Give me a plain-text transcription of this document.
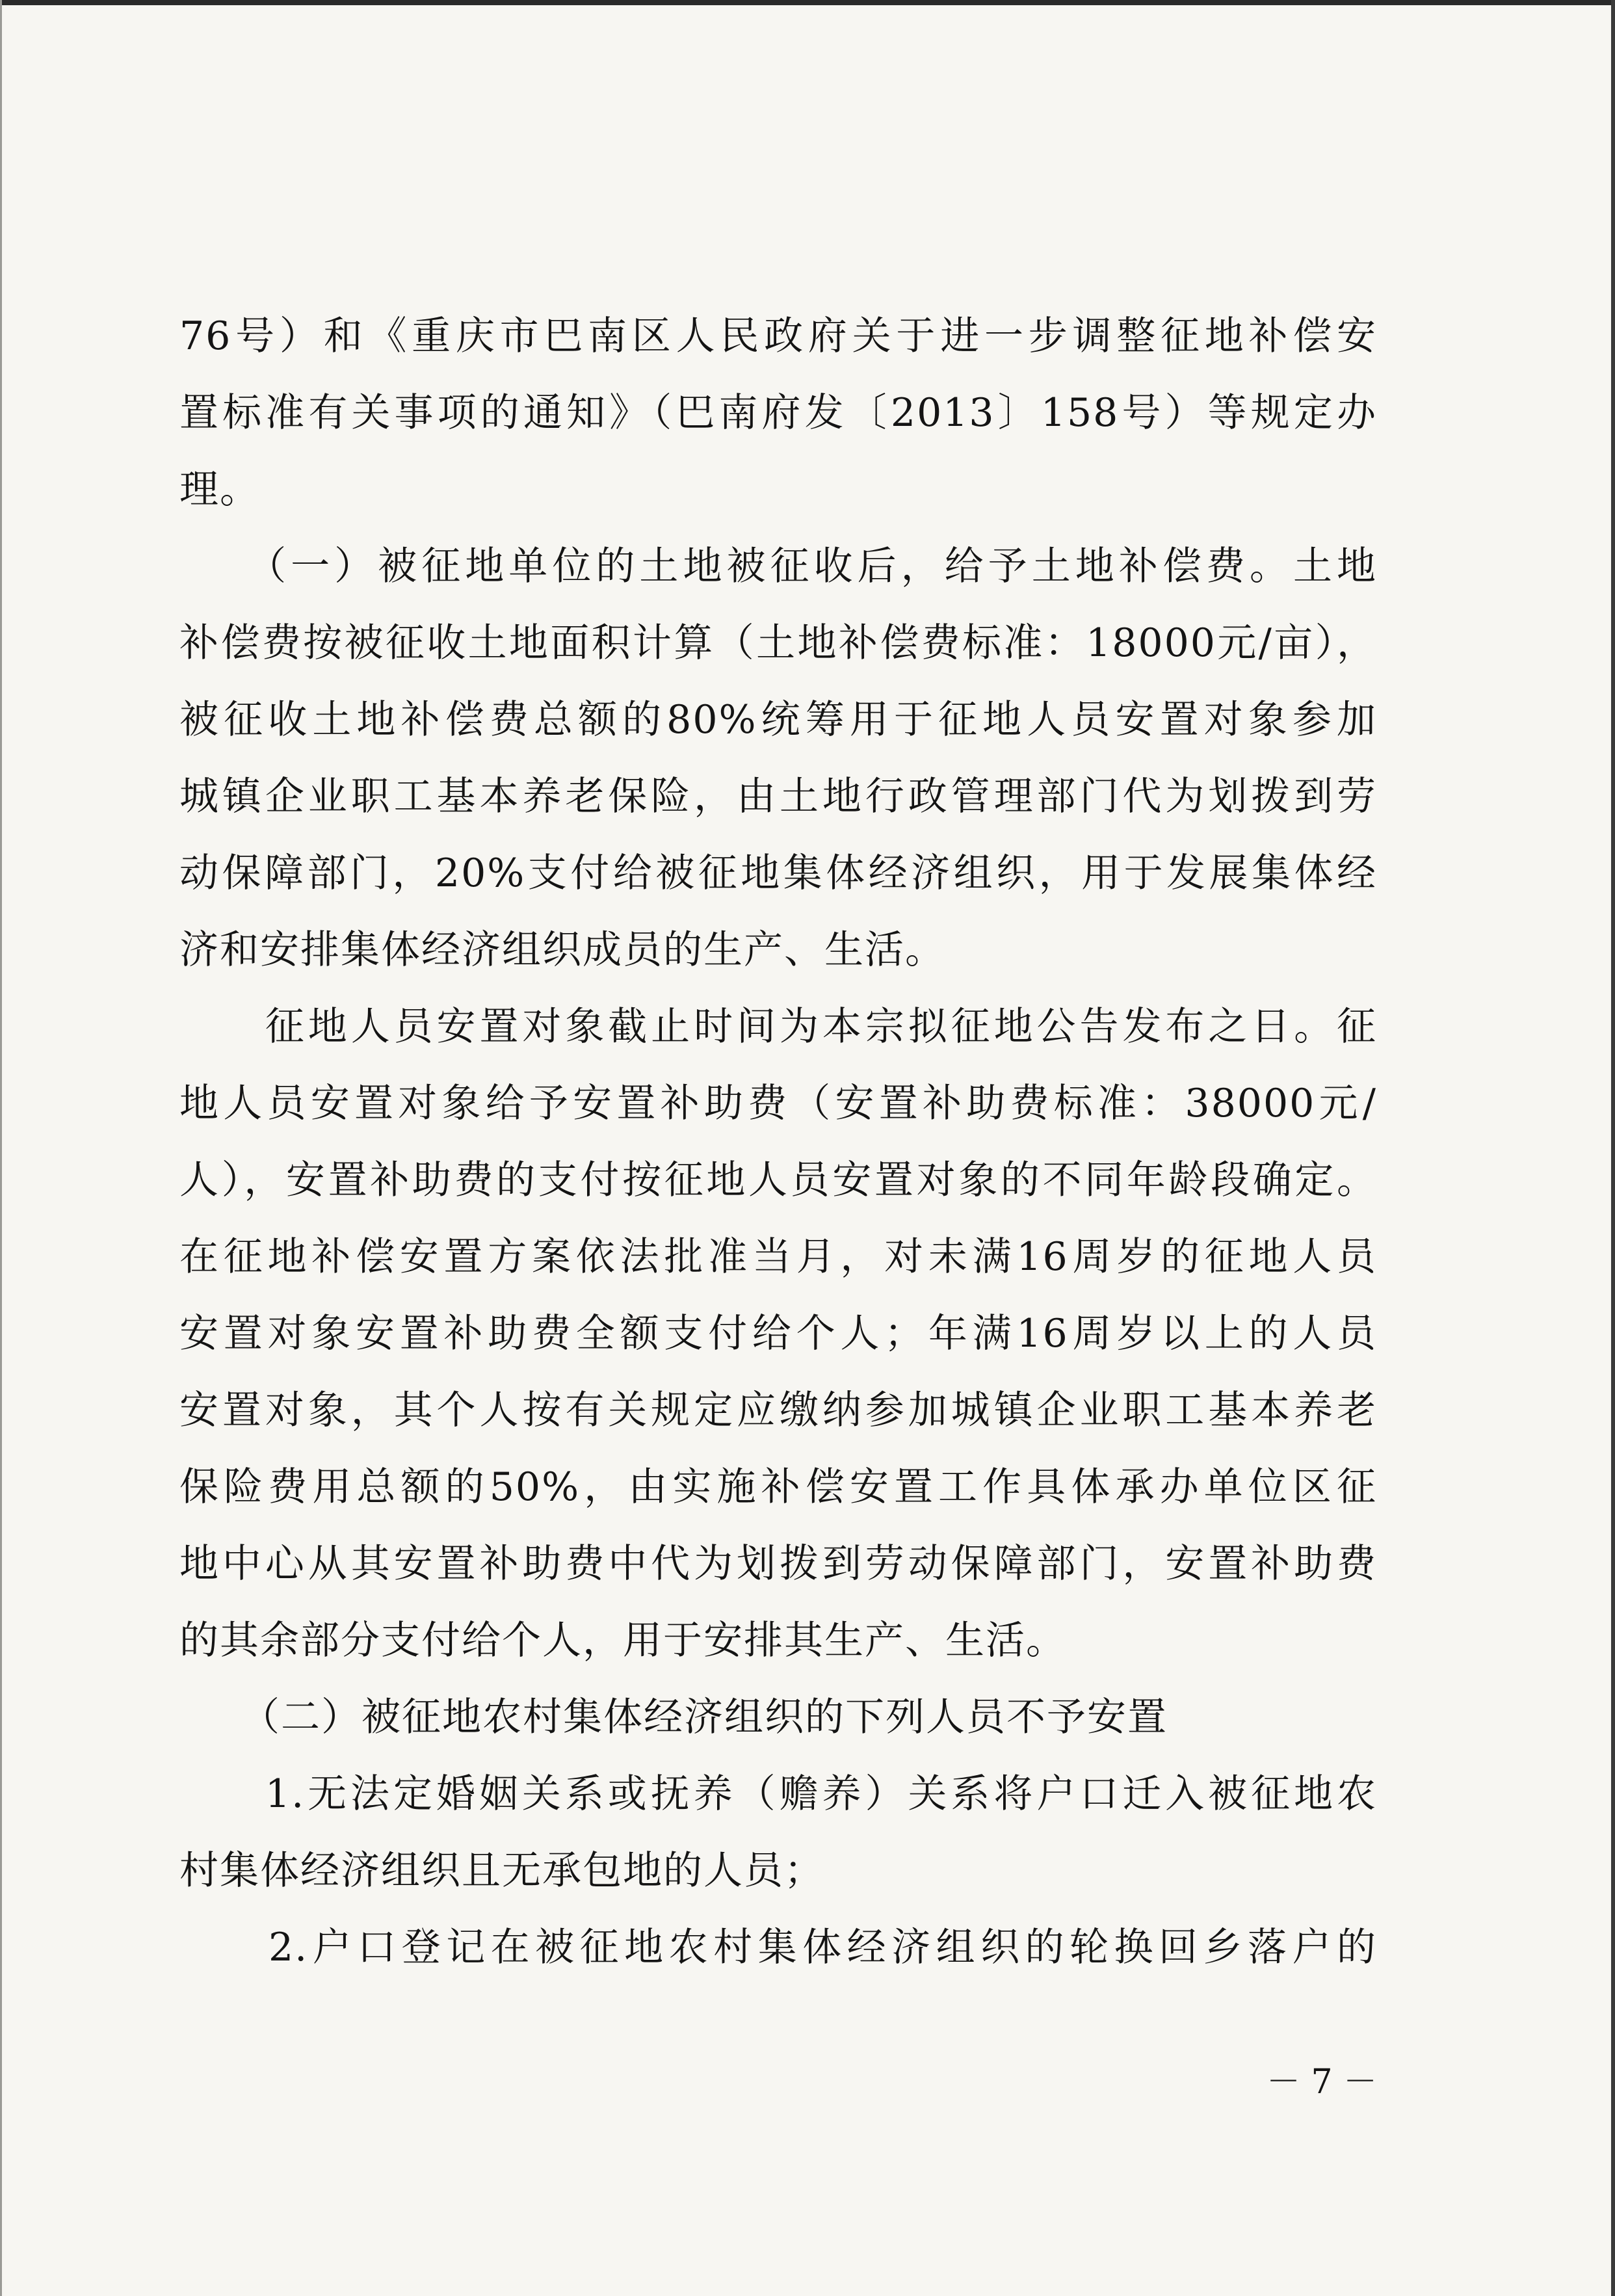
76号）和《重庆市巴南区人民政府关于进一步调整征地补偿安
置标准有关事项的通知》（巴南府发〔2013〕158号）等规定办
理。
　　（一）被征地单位的土地被征收后，给予土地补偿费。土地
补偿费按被征收土地面积计算（土地补偿费标准：18000元/亩），
被征收土地补偿费总额的80%统筹用于征地人员安置对象参加
城镇企业职工基本养老保险，由土地行政管理部门代为划拨到劳
动保障部门，20%支付给被征地集体经济组织，用于发展集体经
济和安排集体经济组织成员的生产、生活。
　　征地人员安置对象截止时间为本宗拟征地公告发布之日。征
地人员安置对象给予安置补助费（安置补助费标准：38000元/
人），安置补助费的支付按征地人员安置对象的不同年龄段确定。
在征地补偿安置方案依法批准当月，对未满16周岁的征地人员
安置对象安置补助费全额支付给个人；年满16周岁以上的人员
安置对象，其个人按有关规定应缴纳参加城镇企业职工基本养老
保险费用总额的50%，由实施补偿安置工作具体承办单位区征
地中心从其安置补助费中代为划拨到劳动保障部门，安置补助费
的其余部分支付给个人，用于安排其生产、生活。
　　（二）被征地农村集体经济组织的下列人员不予安置
　　1.无法定婚姻关系或抚养（赡养）关系将户口迁入被征地农
村集体经济组织且无承包地的人员；
　　2.户口登记在被征地农村集体经济组织的轮换回乡落户的
－ 7 －
